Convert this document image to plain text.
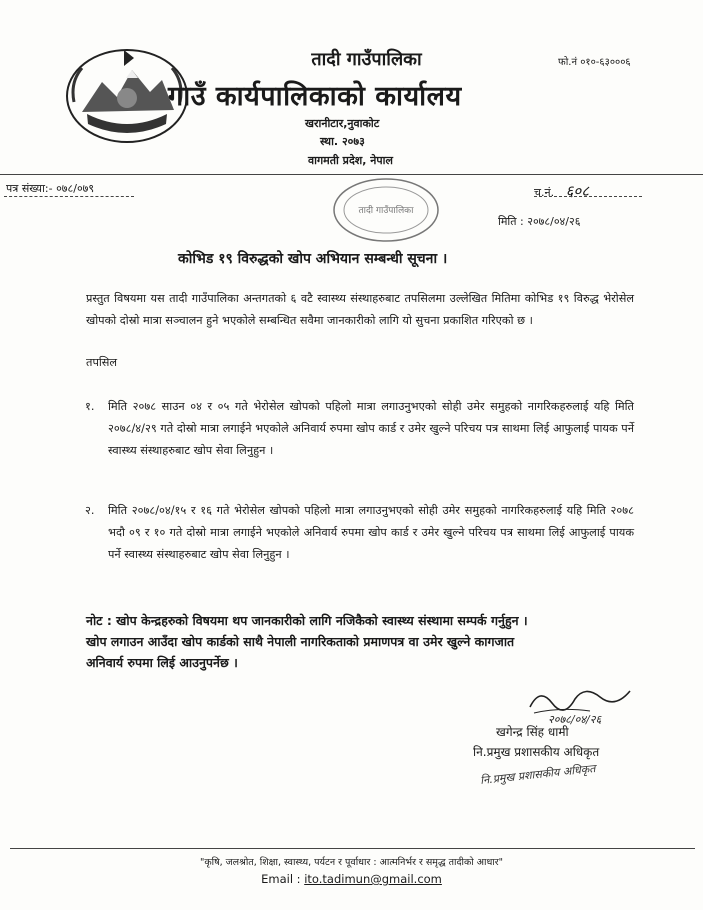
तादी गाउँपालिका
गाउँ कार्यपालिकाको कार्यालय
खरानीटार,नुवाकोट
स्था. २०७३
वागमती प्रदेश, नेपाल
फो.नं ०१०-६३०००६
पत्र संख्या:- ०७८/०७९	च.नं. ६०८
तादी गाउँपालिका
मिति : २०७८/०४/२६
कोभिड १९ विरुद्धको खोप अभियान सम्बन्धी सूचना ।
प्रस्तुत विषयमा यस तादी गाउँपालिका अन्तगतको ६ वटै स्वास्थ्य संस्थाहरुबाट तपसिलमा उल्लेखित मितिमा कोभिड १९ विरुद्ध भेरोसेल खोपको दोस्रो मात्रा सञ्चालन हुने भएकोले सम्बन्धित सवैमा जानकारीको लागि यो सुचना प्रकाशित गरिएको छ ।
तपसिल
१. मिति २०७८ साउन ०४ र ०५ गते भेरोसेल खोपको पहिलो मात्रा लगाउनुभएको सोही उमेर समुहको नागरिकहरुलाई यहि मिति २०७८/४/२९ गते दोस्रो मात्रा लगाईने भएकोले अनिवार्य रुपमा खोप कार्ड र उमेर खुल्ने परिचय पत्र साथमा लिई आफुलाई पायक पर्ने स्वास्थ्य संस्थाहरुबाट खोप सेवा लिनुहुन ।
२. मिति २०७८/०४/१५ र १६ गते भेरोसेल खोपको पहिलो मात्रा लगाउनुभएको सोही उमेर समुहको नागरिकहरुलाई यहि मिति २०७८ भदौ ०९ र १० गते दोस्रो मात्रा लगाईने भएकोले अनिवार्य रुपमा खोप कार्ड र उमेर खुल्ने परिचय पत्र साथमा लिई आफुलाई पायक पर्ने स्वास्थ्य संस्थाहरुबाट खोप सेवा लिनुहुन ।
नोट : खोप केन्द्रहरुको विषयमा थप जानकारीको लागि नजिकैको स्वास्थ्य संस्थामा सम्पर्क गर्नुहुन ।
खोप लगाउन आउँदा खोप कार्डको साथै नेपाली नागरिकताको प्रमाणपत्र वा उमेर खुल्ने कागजात
अनिवार्य रुपमा लिई आउनुपर्नेछ ।
२०७८/०४/२६
खगेन्द्र सिंह धामी
नि.प्रमुख प्रशासकीय अधिकृत
नि.प्रमुख प्रशासकीय अधिकृत
"कृषि, जलश्रोत, शिक्षा, स्वास्थ्य, पर्यटन र पूर्वाधार : आत्मनिर्भर र समृद्ध तादीको आधार"
Email : ito.tadimun@gmail.com
